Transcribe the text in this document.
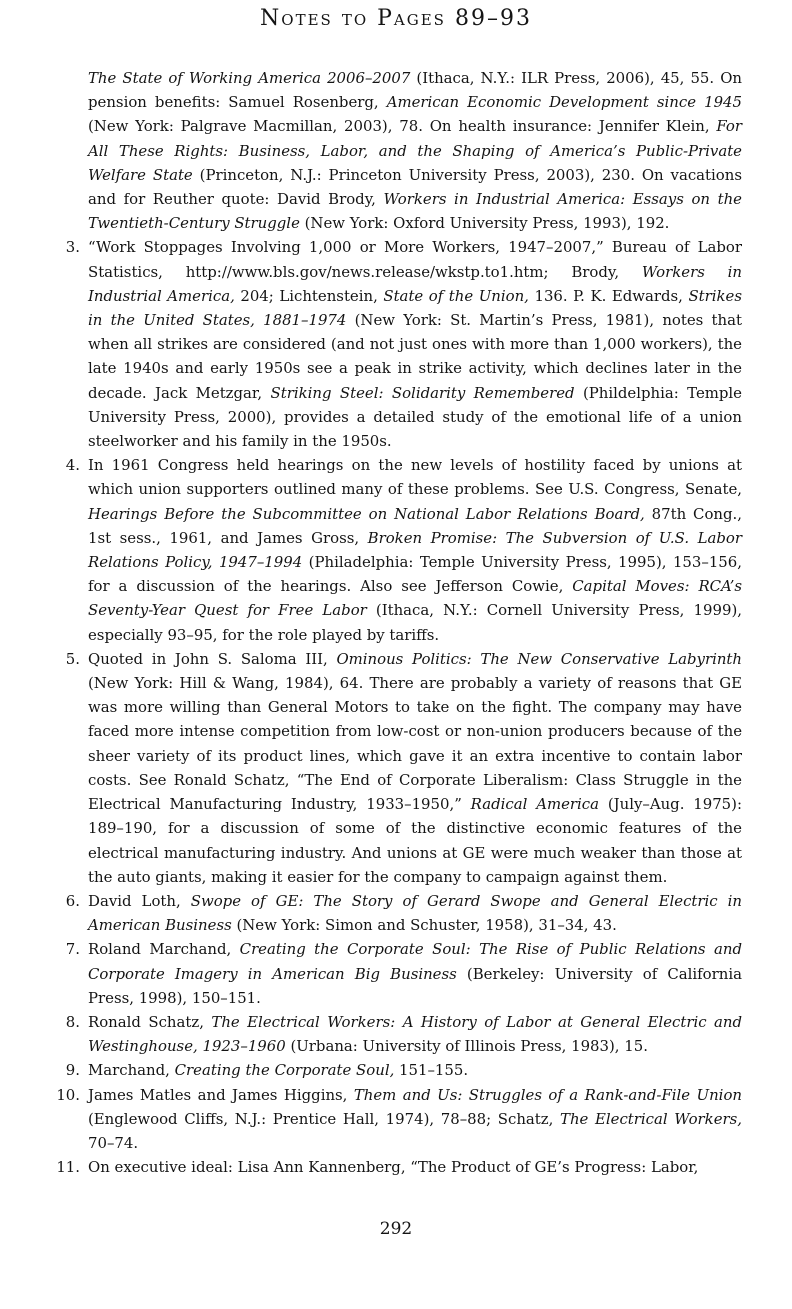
Notes to Pages 89–93

The State of Working America 2006–2007 (Ithaca, N.Y.: ILR Press, 2006), 45, 55. On pension benefits: Samuel Rosenberg, American Economic Development since 1945 (New York: Palgrave Macmillan, 2003), 78. On health insurance: Jennifer Klein, For All These Rights: Business, Labor, and the Shaping of America’s Public-Private Welfare State (Princeton, N.J.: Princeton University Press, 2003), 230. On vacations and for Reuther quote: David Brody, Workers in Industrial America: Essays on the Twentieth-Century Struggle (New York: Oxford University Press, 1993), 192.

3. “Work Stoppages Involving 1,000 or More Workers, 1947–2007,” Bureau of Labor Statistics, http://www.bls.gov/news.release/wkstp.to1.htm; Brody, Workers in Industrial America, 204; Lichtenstein, State of the Union, 136. P. K. Edwards, Strikes in the United States, 1881–1974 (New York: St. Martin’s Press, 1981), notes that when all strikes are considered (and not just ones with more than 1,000 workers), the late 1940s and early 1950s see a peak in strike activity, which declines later in the decade. Jack Metzgar, Striking Steel: Solidarity Remembered (Phildelphia: Temple University Press, 2000), provides a detailed study of the emotional life of a union steelworker and his family in the 1950s.

4. In 1961 Congress held hearings on the new levels of hostility faced by unions at which union supporters outlined many of these problems. See U.S. Congress, Senate, Hearings Before the Subcommittee on National Labor Relations Board, 87th Cong., 1st sess., 1961, and James Gross, Broken Promise: The Subversion of U.S. Labor Relations Policy, 1947–1994 (Philadelphia: Temple University Press, 1995), 153–156, for a discussion of the hearings. Also see Jefferson Cowie, Capital Moves: RCA’s Seventy-Year Quest for Free Labor (Ithaca, N.Y.: Cornell University Press, 1999), especially 93–95, for the role played by tariffs.

5. Quoted in John S. Saloma III, Ominous Politics: The New Conservative Labyrinth (New York: Hill & Wang, 1984), 64. There are probably a variety of reasons that GE was more willing than General Motors to take on the fight. The company may have faced more intense competition from low-cost or non-union producers because of the sheer variety of its product lines, which gave it an extra incentive to contain labor costs. See Ronald Schatz, “The End of Corporate Liberalism: Class Struggle in the Electrical Manufacturing Industry, 1933–1950,” Radical America (July–Aug. 1975): 189–190, for a discussion of some of the distinctive economic features of the electrical manufacturing industry. And unions at GE were much weaker than those at the auto giants, making it easier for the company to campaign against them.

6. David Loth, Swope of GE: The Story of Gerard Swope and General Electric in American Business (New York: Simon and Schuster, 1958), 31–34, 43.

7. Roland Marchand, Creating the Corporate Soul: The Rise of Public Relations and Corporate Imagery in American Big Business (Berkeley: University of California Press, 1998), 150–151.

8. Ronald Schatz, The Electrical Workers: A History of Labor at General Electric and Westinghouse, 1923–1960 (Urbana: University of Illinois Press, 1983), 15.

9. Marchand, Creating the Corporate Soul, 151–155.

10. James Matles and James Higgins, Them and Us: Struggles of a Rank-and-File Union (Englewood Cliffs, N.J.: Prentice Hall, 1974), 78–88; Schatz, The Electrical Workers, 70–74.

11. On executive ideal: Lisa Ann Kannenberg, “The Product of GE’s Progress: Labor,

292
